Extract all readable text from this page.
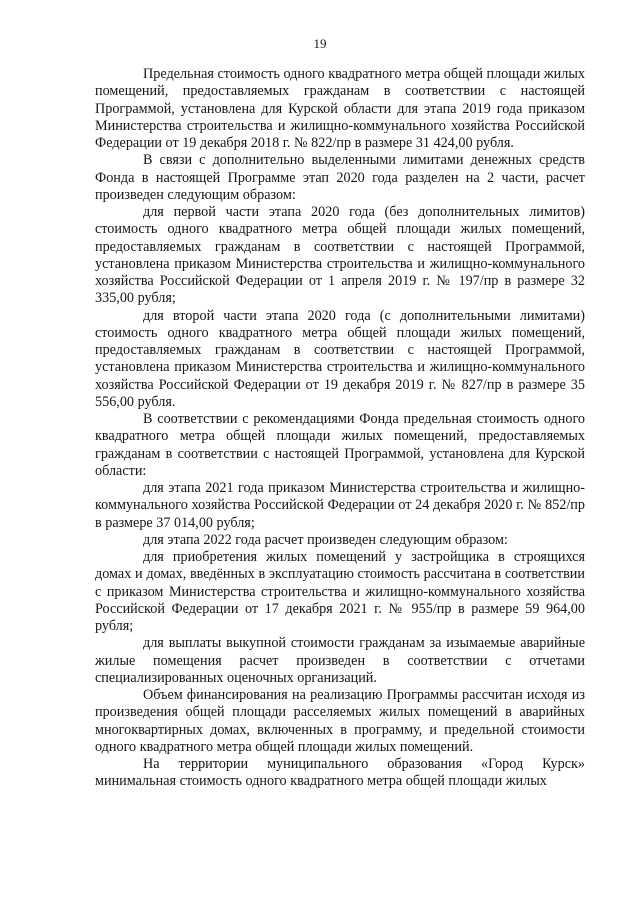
19

Предельная стоимость одного квадратного метра общей площади жилых помещений, предоставляемых гражданам в соответствии с настоящей Программой, установлена для Курской области для этапа 2019 года приказом Министерства строительства и жилищно-коммунального хозяйства Российской Федерации от 19 декабря 2018 г. № 822/пр в размере 31 424,00 рубля.

В связи с дополнительно выделенными лимитами денежных средств Фонда в настоящей Программе этап 2020 года разделен на 2 части, расчет произведен следующим образом:

для первой части этапа 2020 года (без дополнительных лимитов) стоимость одного квадратного метра общей площади жилых помещений, предоставляемых гражданам в соответствии с настоящей Программой, установлена приказом Министерства строительства и жилищно-коммунального хозяйства Российской Федерации от 1 апреля 2019 г. № 197/пр в размере 32 335,00 рубля;

для второй части этапа 2020 года (с дополнительными лимитами) стоимость одного квадратного метра общей площади жилых помещений, предоставляемых гражданам в соответствии с настоящей Программой, установлена приказом Министерства строительства и жилищно-коммунального хозяйства Российской Федерации от 19 декабря 2019 г. № 827/пр в размере 35 556,00 рубля.

В соответствии с рекомендациями Фонда предельная стоимость одного квадратного метра общей площади жилых помещений, предоставляемых гражданам в соответствии с настоящей Программой, установлена для Курской области:

для этапа 2021 года приказом Министерства строительства и жилищно-коммунального хозяйства Российской Федерации от 24 декабря 2020 г. № 852/пр в размере 37 014,00 рубля;

для этапа 2022 года расчет произведен следующим образом:

для приобретения жилых помещений у застройщика в строящихся домах и домах, введённых в эксплуатацию стоимость рассчитана в соответствии с приказом Министерства строительства и жилищно-коммунального хозяйства Российской Федерации от 17 декабря 2021 г. № 955/пр в размере 59 964,00 рубля;

для выплаты выкупной стоимости гражданам за изымаемые аварийные жилые помещения расчет произведен в соответствии с отчетами специализированных оценочных организаций.

Объем финансирования на реализацию Программы рассчитан исходя из произведения общей площади расселяемых жилых помещений в аварийных многоквартирных домах, включенных в программу, и предельной стоимости одного квадратного метра общей площади жилых помещений.

На территории муниципального образования «Город Курск» минимальная стоимость одного квадратного метра общей площади жилых
